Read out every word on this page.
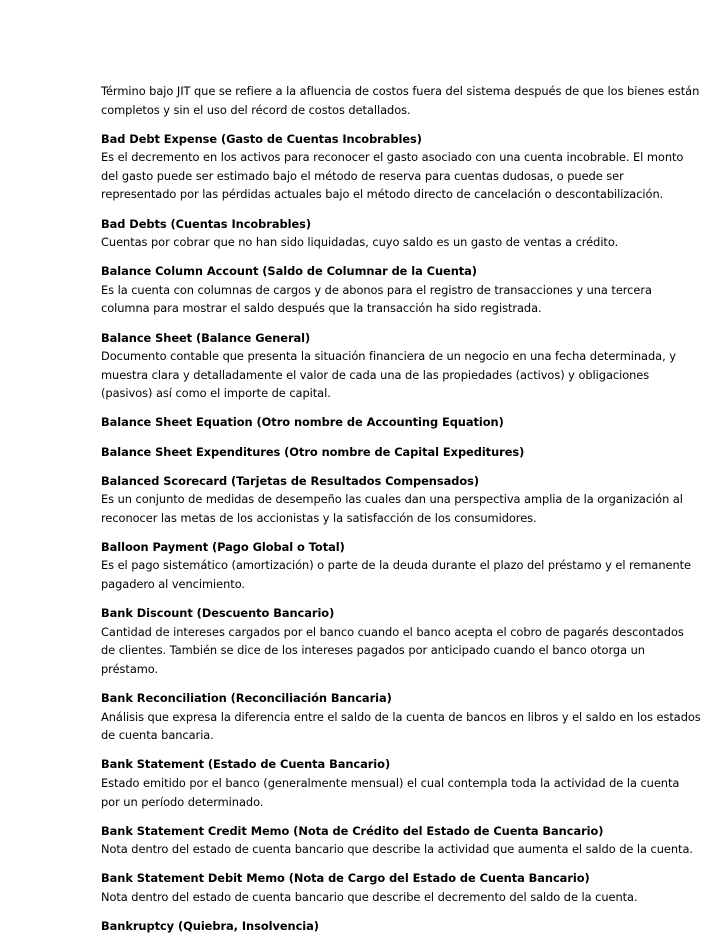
Término bajo JIT que se refiere a la afluencia de costos fuera del sistema después de que los bienes están completos y sin el uso del récord de costos detallados.

Bad Debt Expense (Gasto de Cuentas Incobrables)
Es el decremento en los activos para reconocer el gasto asociado con una cuenta incobrable. El monto del gasto puede ser estimado bajo el método de reserva para cuentas dudosas, o puede ser representado por las pérdidas actuales bajo el método directo de cancelación o descontabilización.
Bad Debts (Cuentas Incobrables)
Cuentas por cobrar que no han sido liquidadas, cuyo saldo es un gasto de ventas a crédito.
Balance Column Account (Saldo de Columnar de la Cuenta)
Es la cuenta con columnas de cargos y de abonos para el registro de transacciones y una tercera columna para mostrar el saldo después que la transacción ha sido registrada.
Balance Sheet (Balance General)
Documento contable que presenta la situación financiera de un negocio en una fecha determinada, y muestra clara y detalladamente el valor de cada una de las propiedades (activos) y obligaciones (pasivos) así como el importe de capital.
Balance Sheet Equation (Otro nombre de Accounting Equation)
Balance Sheet Expenditures (Otro nombre de Capital Expeditures)
Balanced Scorecard (Tarjetas de Resultados Compensados)
Es un conjunto de medidas de desempeño las cuales dan una perspectiva amplia de la organización al reconocer las metas de los accionistas y la satisfacción de los consumidores.
Balloon Payment (Pago Global o Total)
Es el pago sistemático (amortización) o parte de la deuda durante el plazo del préstamo y el remanente pagadero al vencimiento.
Bank Discount (Descuento Bancario)
Cantidad de intereses cargados por el banco cuando el banco acepta el cobro de pagarés descontados de clientes. También se dice de los intereses pagados por anticipado cuando el banco otorga un préstamo.
Bank Reconciliation (Reconciliación Bancaria)
Análisis que expresa la diferencia entre el saldo de la cuenta de bancos en libros y el saldo en los estados de cuenta bancaria.
Bank Statement (Estado de Cuenta Bancario)
Estado emitido por el banco (generalmente mensual) el cual contempla toda la actividad de la cuenta por un período determinado.
Bank Statement Credit Memo (Nota de Crédito del Estado de Cuenta Bancario)
Nota dentro del estado de cuenta bancario que describe la actividad que aumenta el saldo de la cuenta.
Bank Statement Debit Memo (Nota de Cargo del Estado de Cuenta Bancario)
Nota dentro del estado de cuenta bancario que describe el decremento del saldo de la cuenta.
Bankruptcy (Quiebra, Insolvencia)
